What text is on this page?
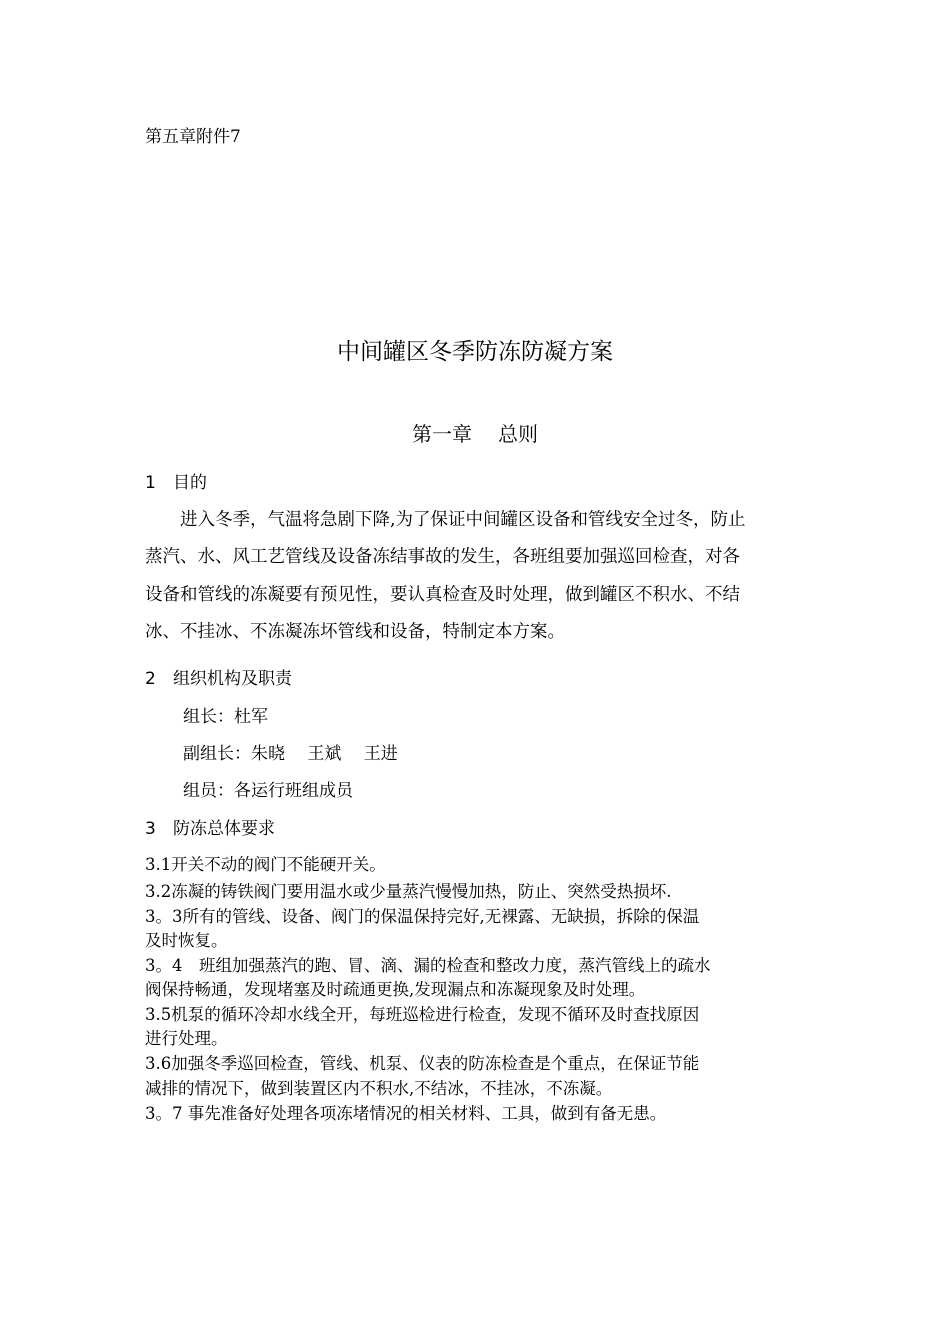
第五章附件7
中间罐区冬季防冻防凝方案
第一章 总则
1 目的
　　进入冬季，气温将急剧下降,为了保证中间罐区设备和管线安全过冬，防止
蒸汽、水、风工艺管线及设备冻结事故的发生，各班组要加强巡回检查，对各
设备和管线的冻凝要有预见性，要认真检查及时处理，做到罐区不积水、不结
冰、不挂冰、不冻凝冻坏管线和设备，特制定本方案。
2 组织机构及职责
组长：杜军
副组长：朱晓　 王斌　 王进
组员：各运行班组成员
3 防冻总体要求
3.1开关不动的阀门不能硬开关。
3.2冻凝的铸铁阀门要用温水或少量蒸汽慢慢加热，防止、突然受热损坏.
3。3所有的管线、设备、阀门的保温保持完好,无裸露、无缺损，拆除的保温
及时恢复。
3。4　班组加强蒸汽的跑、冒、滴、漏的检查和整改力度，蒸汽管线上的疏水
阀保持畅通，发现堵塞及时疏通更换,发现漏点和冻凝现象及时处理。
3.5机泵的循环冷却水线全开，每班巡检进行检查，发现不循环及时查找原因
进行处理。
3.6加强冬季巡回检查，管线、机泵、仪表的防冻检查是个重点，在保证节能
减排的情况下，做到装置区内不积水,不结冰，不挂冰，不冻凝。
3。7 事先准备好处理各项冻堵情况的相关材料、工具，做到有备无患。
